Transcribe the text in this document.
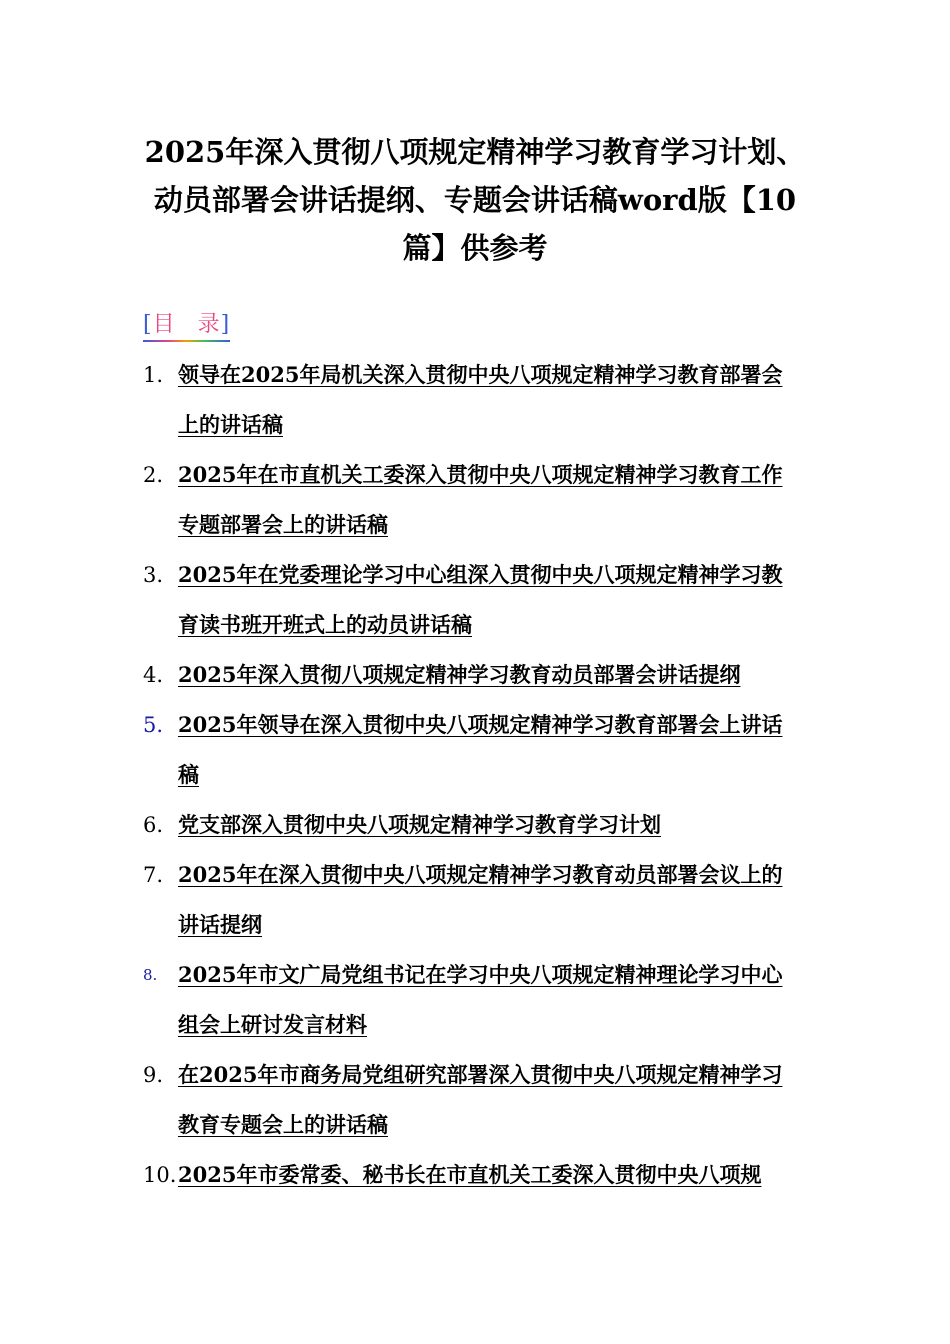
2025年深入贯彻八项规定精神学习教育学习计划、
动员部署会讲话提纲、专题会讲话稿word版【10
篇】供参考
[目 录]
1. 领导在2025年局机关深入贯彻中央八项规定精神学习教育部署会上的讲话稿
2. 2025年在市直机关工委深入贯彻中央八项规定精神学习教育工作专题部署会上的讲话稿
3. 2025年在党委理论学习中心组深入贯彻中央八项规定精神学习教育读书班开班式上的动员讲话稿
4. 2025年深入贯彻八项规定精神学习教育动员部署会讲话提纲
5. 2025年领导在深入贯彻中央八项规定精神学习教育部署会上讲话稿
6. 党支部深入贯彻中央八项规定精神学习教育学习计划
7. 2025年在深入贯彻中央八项规定精神学习教育动员部署会议上的讲话提纲
8. 2025年市文广局党组书记在学习中央八项规定精神理论学习中心组会上研讨发言材料
9. 在2025年市商务局党组研究部署深入贯彻中央八项规定精神学习教育专题会上的讲话稿
10. 2025年市委常委、秘书长在市直机关工委深入贯彻中央八项规
